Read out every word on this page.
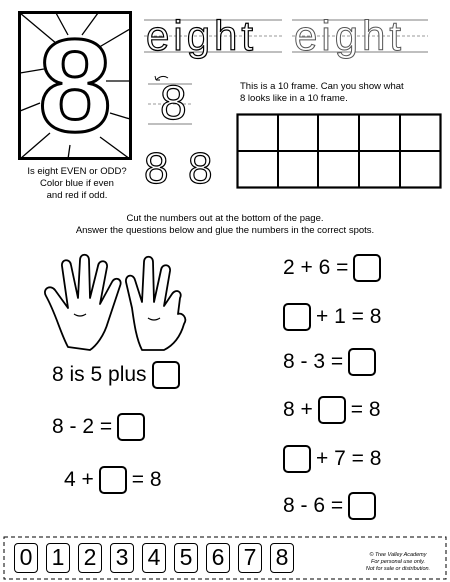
8 eight eight
8
8 8
Is eight EVEN or ODD?
Color blue if even
and red if odd.
This is a 10 frame. Can you show what
8 looks like in a 10 frame.
Cut the numbers out at the bottom of the page.
Answer the questions below and glue the numbers in the correct spots.
8 is 5 plus
8 - 2 =
4 + = 8
2 + 6 =
+ 1 = 8
8 - 3 =
8 + = 8
+ 7 = 8
8 - 6 =
0 1 2 3 4 5 6 7 8	© Tree Valley Academy
For personal use only.
Not for sale or distribution.
